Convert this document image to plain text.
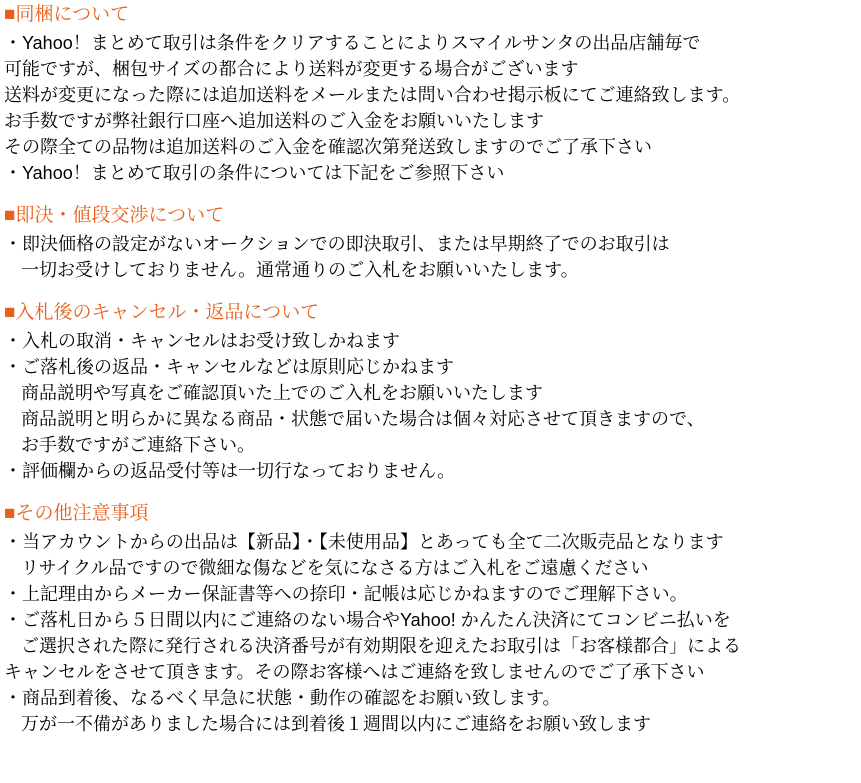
■同梱について
・Yahoo！まとめて取引は条件をクリアすることによりスマイルサンタの出品店舗毎で
可能ですが、梱包サイズの都合により送料が変更する場合がございます
送料が変更になった際には追加送料をメールまたは問い合わせ掲示板にてご連絡致します。
お手数ですが弊社銀行口座へ追加送料のご入金をお願いいたします
その際全ての品物は追加送料のご入金を確認次第発送致しますのでご了承下さい
・Yahoo！まとめて取引の条件については下記をご参照下さい
■即決・値段交渉について
・即決価格の設定がないオークションでの即決取引、または早期終了でのお取引は
一切お受けしておりません。通常通りのご入札をお願いいたします。
■入札後のキャンセル・返品について
・入札の取消・キャンセルはお受け致しかねます
・ご落札後の返品・キャンセルなどは原則応じかねます
商品説明や写真をご確認頂いた上でのご入札をお願いいたします
商品説明と明らかに異なる商品・状態で届いた場合は個々対応させて頂きますので、
お手数ですがご連絡下さい。
・評価欄からの返品受付等は一切行なっておりません。
■その他注意事項
・当アカウントからの出品は【新品】・【未使用品】とあっても全て二次販売品となります
リサイクル品ですので微細な傷などを気になさる方はご入札をご遠慮ください
・上記理由からメーカー保証書等への捺印・記帳は応じかねますのでご理解下さい。
・ご落札日から５日間以内にご連絡のない場合やYahoo! かんたん決済にてコンビニ払いを
ご選択された際に発行される決済番号が有効期限を迎えたお取引は「お客様都合」による
キャンセルをさせて頂きます。その際お客様へはご連絡を致しませんのでご了承下さい
・商品到着後、なるべく早急に状態・動作の確認をお願い致します。
万が一不備がありました場合には到着後１週間以内にご連絡をお願い致します
